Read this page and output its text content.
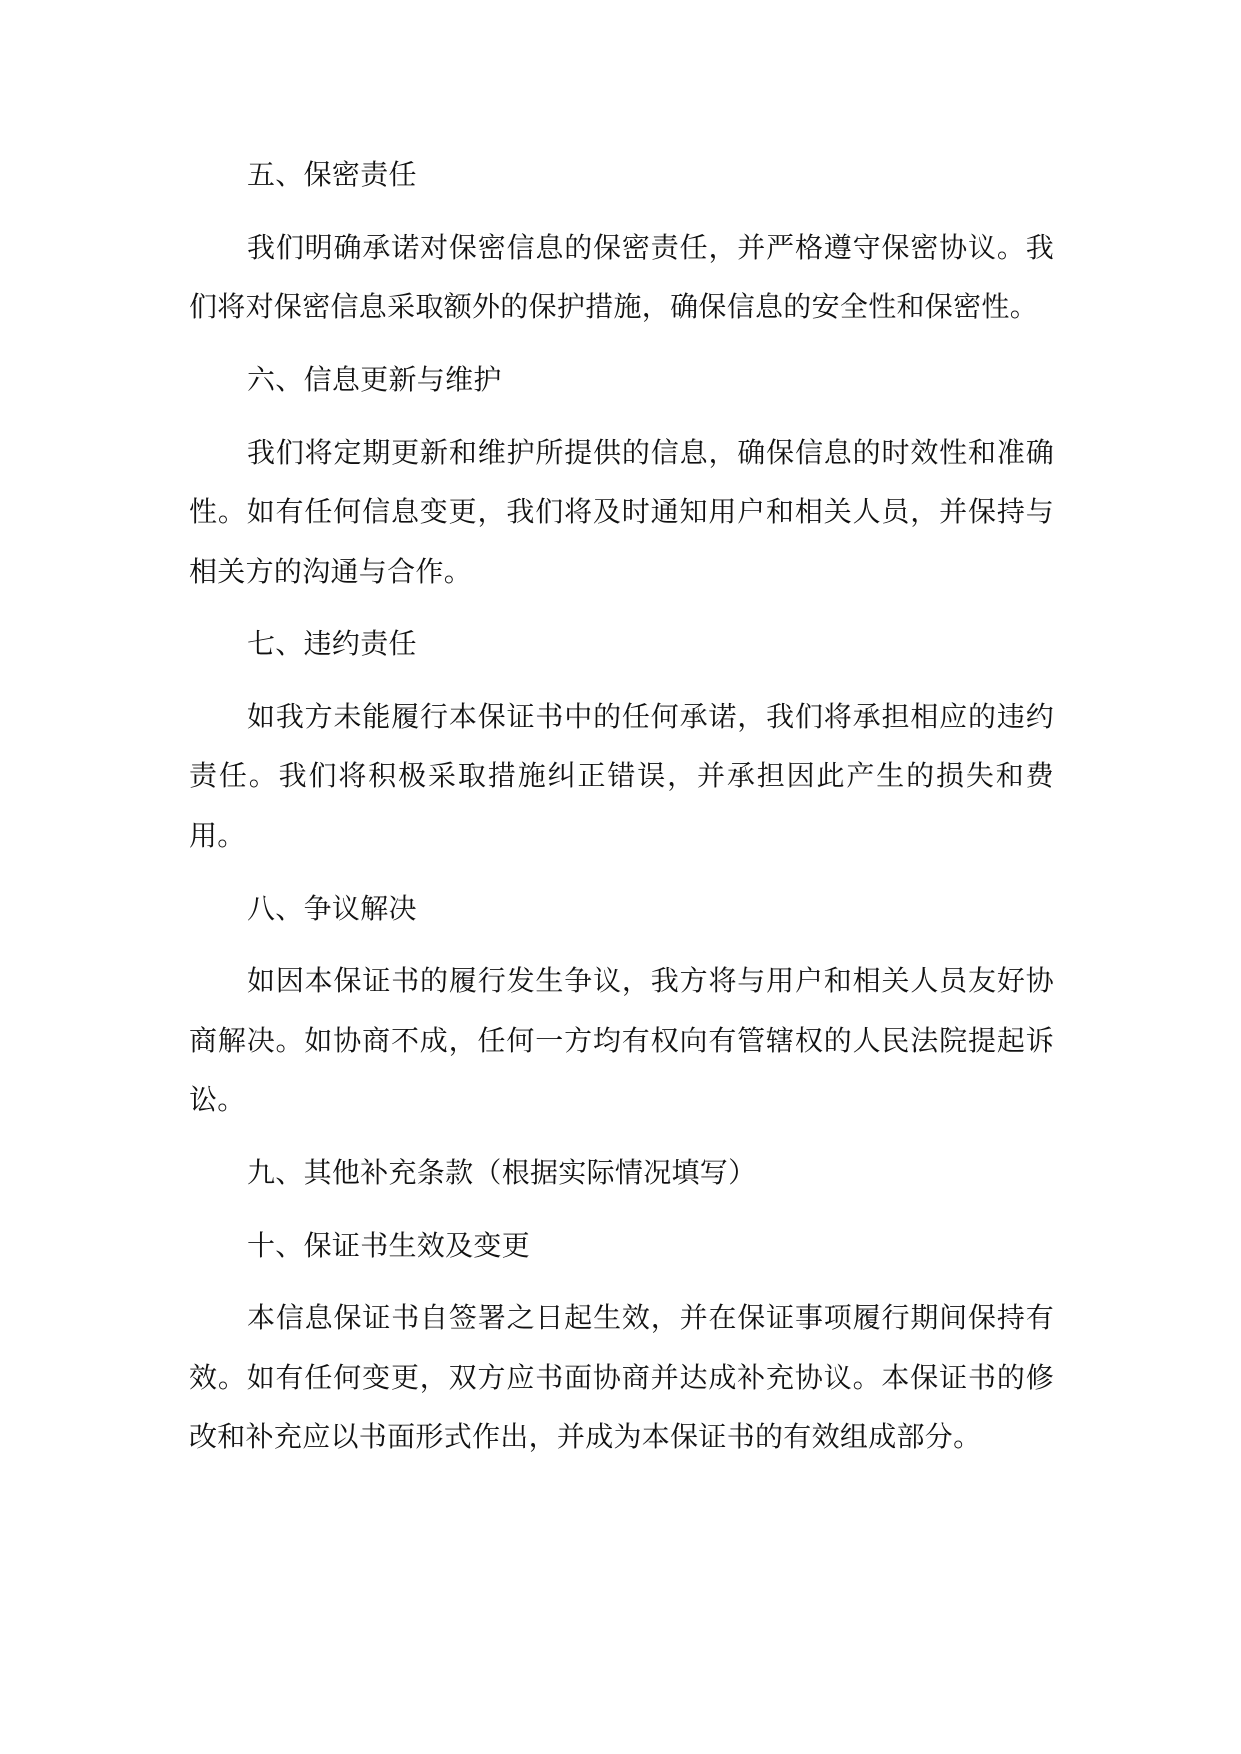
五、保密责任

我们明确承诺对保密信息的保密责任，并严格遵守保密协议。我们将对保密信息采取额外的保护措施，确保信息的安全性和保密性。

六、信息更新与维护

我们将定期更新和维护所提供的信息，确保信息的时效性和准确性。如有任何信息变更，我们将及时通知用户和相关人员，并保持与相关方的沟通与合作。

七、违约责任

如我方未能履行本保证书中的任何承诺，我们将承担相应的违约责任。我们将积极采取措施纠正错误，并承担因此产生的损失和费用。

八、争议解决

如因本保证书的履行发生争议，我方将与用户和相关人员友好协商解决。如协商不成，任何一方均有权向有管辖权的人民法院提起诉讼。

九、其他补充条款（根据实际情况填写）

十、保证书生效及变更

本信息保证书自签署之日起生效，并在保证事项履行期间保持有效。如有任何变更，双方应书面协商并达成补充协议。本保证书的修改和补充应以书面形式作出，并成为本保证书的有效组成部分。
